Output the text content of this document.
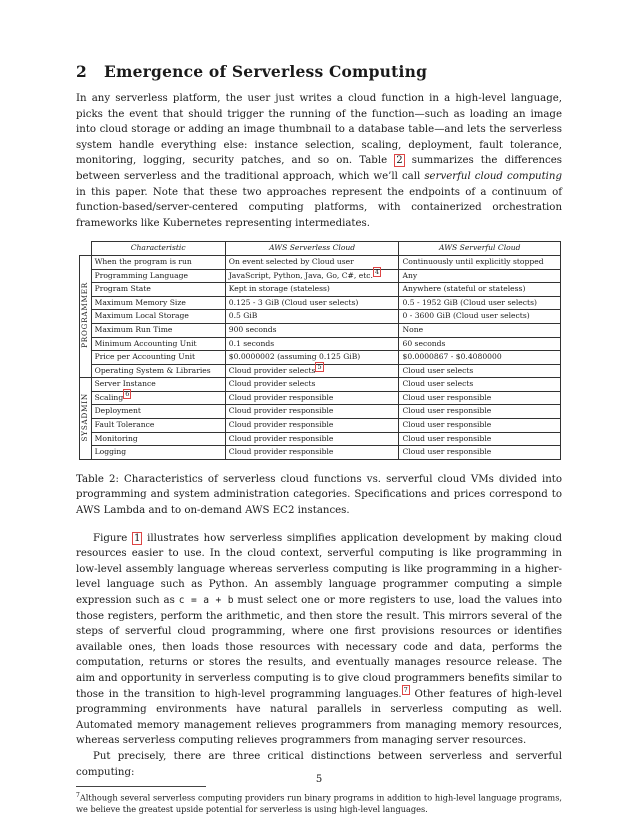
2 Emergence of Serverless Computing

In any serverless platform, the user just writes a cloud function in a high-level language, picks the event that should trigger the running of the function—such as loading an image into cloud storage or adding an image thumbnail to a database table—and lets the serverless system handle everything else: instance selection, scaling, deployment, fault tolerance, monitoring, logging, security patches, and so on. Table 2 summarizes the differences between serverless and the traditional approach, which we’ll call serverful cloud computing in this paper. Note that these two approaches represent the endpoints of a continuum of function-based/server-centered computing platforms, with containerized orchestration frameworks like Kubernetes representing intermediates.

	Characteristic	AWS Serverless Cloud	AWS Serverful Cloud
PROGRAMMER	When the program is run	On event selected by Cloud user	Continuously until explicitly stopped
	Programming Language	JavaScript, Python, Java, Go, C#, etc. $^4$	Any
	Program State	Kept in storage (stateless)	Anywhere (stateful or stateless)
	Maximum Memory Size	0.125 - 3 GiB (Cloud user selects)	0.5 - 1952 GiB (Cloud user selects)
	Maximum Local Storage	0.5 GiB	0 - 3600 GiB (Cloud user selects)
	Maximum Run Time	900 seconds	None
	Minimum Accounting Unit	0.1 seconds	60 seconds
	Price per Accounting Unit	$0.0000002 (assuming 0.125 GiB)	$0.0000867 - $0.4080000
	Operating System & Libraries	Cloud provider selects $^5$	Cloud user selects
SYSADMIN	Server Instance	Cloud provider selects	Cloud user selects
	Scaling $^6$	Cloud provider responsible	Cloud user responsible
	Deployment	Cloud provider responsible	Cloud user responsible
	Fault Tolerance	Cloud provider responsible	Cloud user responsible
	Monitoring	Cloud provider responsible	Cloud user responsible
	Logging	Cloud provider responsible	Cloud user responsible

Table 2: Characteristics of serverless cloud functions vs. serverful cloud VMs divided into programming and system administration categories. Specifications and prices correspond to AWS Lambda and to on-demand AWS EC2 instances.

Figure 1 illustrates how serverless simplifies application development by making cloud resources easier to use. In the cloud context, serverful computing is like programming in low-level assembly language whereas serverless computing is like programming in a higher-level language such as Python. An assembly language programmer computing a simple expression such as c = a + b must select one or more registers to use, load the values into those registers, perform the arithmetic, and then store the result. This mirrors several of the steps of serverful cloud programming, where one first provisions resources or identifies available ones, then loads those resources with necessary code and data, performs the computation, returns or stores the results, and eventually manages resource release. The aim and opportunity in serverless computing is to give cloud programmers benefits similar to those in the transition to high-level programming languages. $^7$ Other features of high-level programming environments have natural parallels in serverless computing as well. Automated memory management relieves programmers from managing memory resources, whereas serverless computing relieves programmers from managing server resources.

Put precisely, there are three critical distinctions between serverless and serverful computing:

$^7$Although several serverless computing providers run binary programs in addition to high-level language programs, we believe the greatest upside potential for serverless is using high-level languages.
5
